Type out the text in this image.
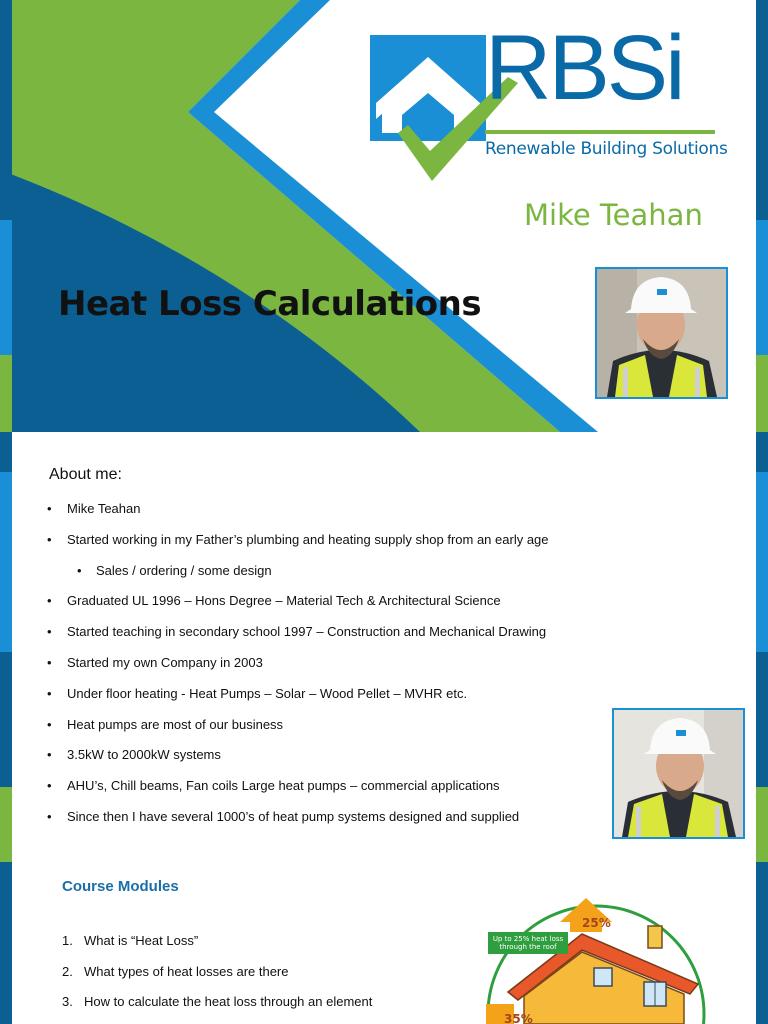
RBSi
Renewable Building Solutions
Mike Teahan
Heat Loss Calculations
About me:
• Mike Teahan
• Started working in my Father’s plumbing and heating supply shop from an early age
• Sales / ordering / some design
• Graduated UL 1996 – Hons Degree – Material Tech & Architectural Science
• Started teaching in secondary school 1997 – Construction and Mechanical Drawing
• Started my own Company in 2003
• Under floor heating - Heat Pumps – Solar – Wood Pellet – MVHR etc.
• Heat pumps are most of our business
• 3.5kW to 2000kW systems
• AHU’s, Chill beams, Fan coils Large heat pumps – commercial applications
• Since then I have several 1000’s of heat pump systems designed and supplied
Course Modules
1. What is “Heat Loss”
2. What types of heat losses are there
3. How to calculate the heat loss through an element
Up to 25% heat loss through the roof
25%
35%
